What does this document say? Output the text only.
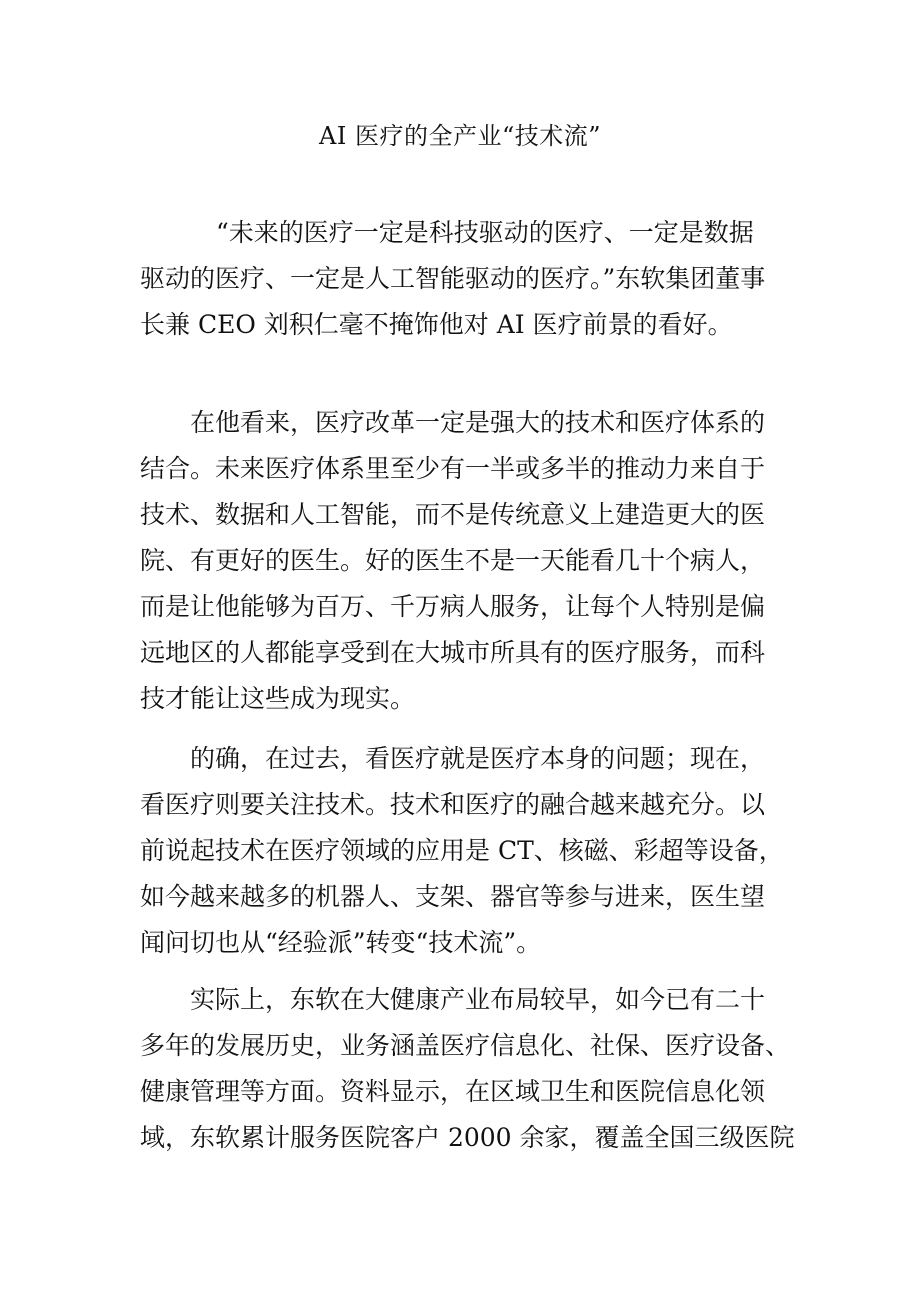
AI 医疗的全产业“技术流”

“未来的医疗一定是科技驱动的医疗、一定是数据
驱动的医疗、一定是人工智能驱动的医疗。”东软集团董事
长兼 CEO 刘积仁毫不掩饰他对 AI 医疗前景的看好。

在他看来，医疗改革一定是强大的技术和医疗体系的
结合。未来医疗体系里至少有一半或多半的推动力来自于
技术、数据和人工智能，而不是传统意义上建造更大的医
院、有更好的医生。好的医生不是一天能看几十个病人，
而是让他能够为百万、千万病人服务，让每个人特别是偏
远地区的人都能享受到在大城市所具有的医疗服务，而科
技才能让这些成为现实。

的确，在过去，看医疗就是医疗本身的问题；现在，
看医疗则要关注技术。技术和医疗的融合越来越充分。以
前说起技术在医疗领域的应用是 CT、核磁、彩超等设备，
如今越来越多的机器人、支架、器官等参与进来，医生望
闻问切也从“经验派”转变“技术流”。

实际上，东软在大健康产业布局较早，如今已有二十
多年的发展历史，业务涵盖医疗信息化、社保、医疗设备、
健康管理等方面。资料显示，在区域卫生和医院信息化领
域，东软累计服务医院客户 2000 余家，覆盖全国三级医院
